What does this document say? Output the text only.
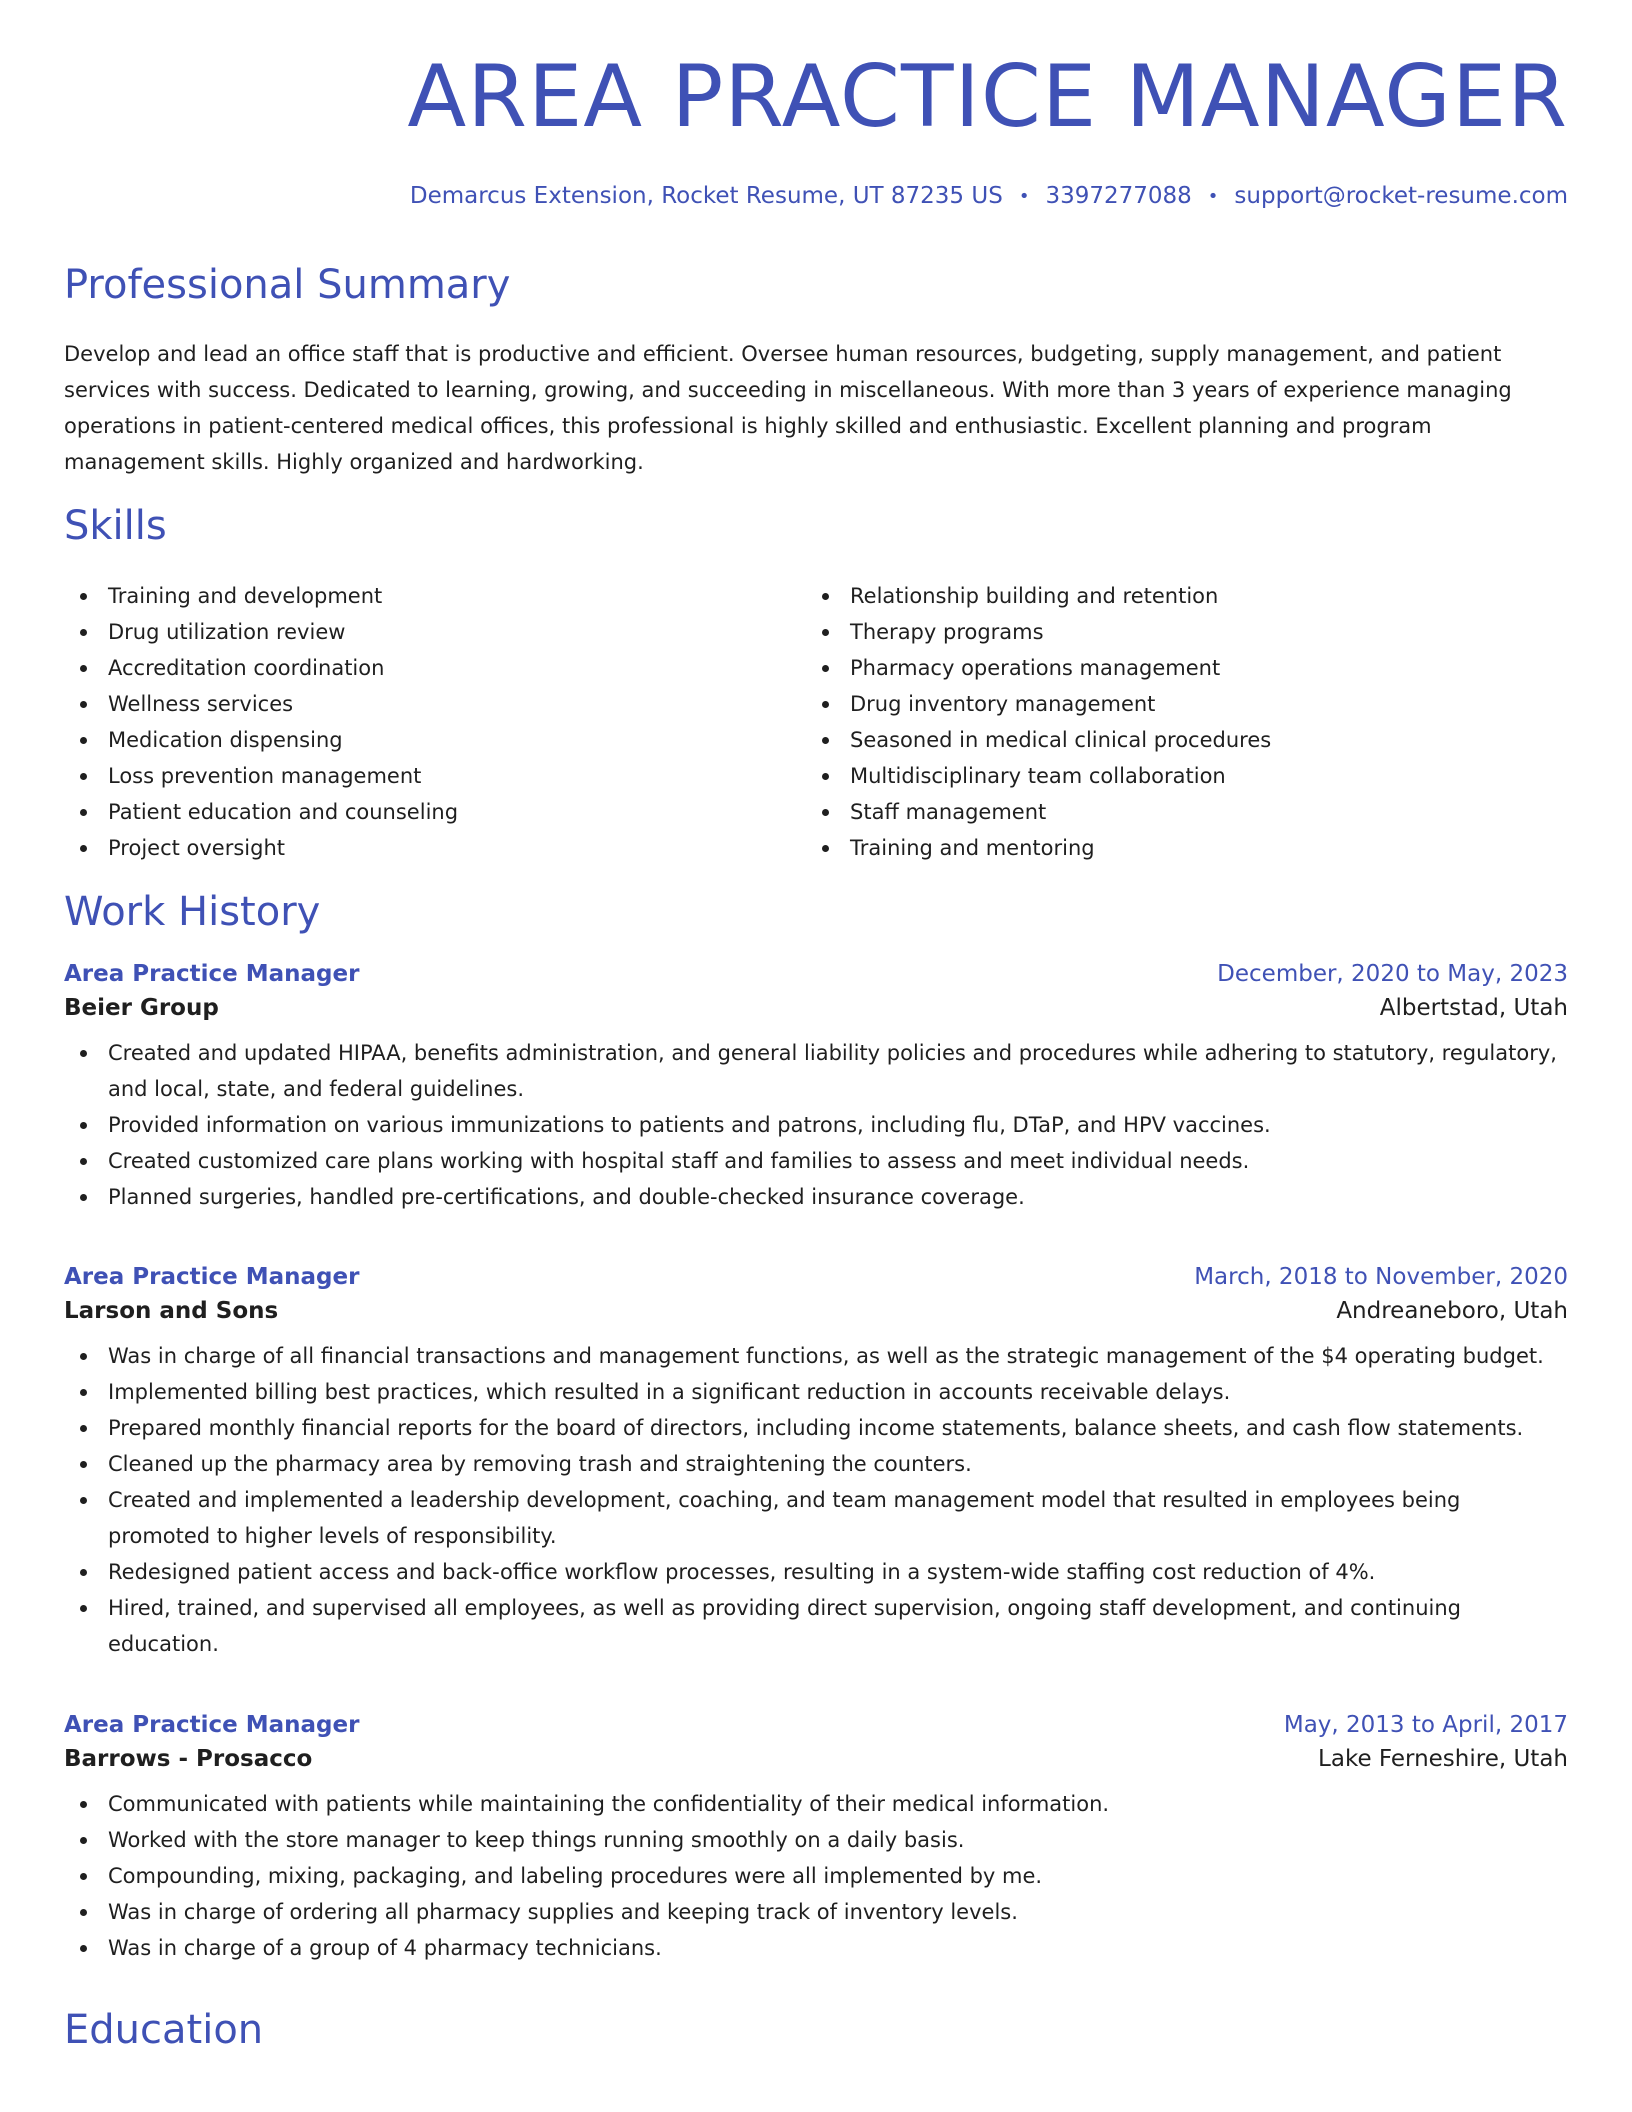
AREA PRACTICE MANAGER
Demarcus Extension, Rocket Resume, UT 87235 US • 3397277088 • support@rocket-resume.com
Professional Summary

Develop and lead an office staff that is productive and efficient. Oversee human resources, budgeting, supply management, and patient services with success. Dedicated to learning, growing, and succeeding in miscellaneous. With more than 3 years of experience managing operations in patient-centered medical offices, this professional is highly skilled and enthusiastic. Excellent planning and program management skills. Highly organized and hardworking.

Skills
Training and development
Drug utilization review
Accreditation coordination
Wellness services
Medication dispensing
Loss prevention management
Patient education and counseling
Project oversight
Relationship building and retention
Therapy programs
Pharmacy operations management
Drug inventory management
Seasoned in medical clinical procedures
Multidisciplinary team collaboration
Staff management
Training and mentoring
Work History
Area Practice Manager	December, 2020 to May, 2023
Beier Group	Albertstad, Utah
Created and updated HIPAA, benefits administration, and general liability policies and procedures while adhering to statutory, regulatory, and local, state, and federal guidelines.
Provided information on various immunizations to patients and patrons, including flu, DTaP, and HPV vaccines.
Created customized care plans working with hospital staff and families to assess and meet individual needs.
Planned surgeries, handled pre-certifications, and double-checked insurance coverage.
Area Practice Manager	March, 2018 to November, 2020
Larson and Sons	Andreaneboro, Utah
Was in charge of all financial transactions and management functions, as well as the strategic management of the $4 operating budget.
Implemented billing best practices, which resulted in a significant reduction in accounts receivable delays.
Prepared monthly financial reports for the board of directors, including income statements, balance sheets, and cash flow statements.
Cleaned up the pharmacy area by removing trash and straightening the counters.
Created and implemented a leadership development, coaching, and team management model that resulted in employees being promoted to higher levels of responsibility.
Redesigned patient access and back-office workflow processes, resulting in a system-wide staffing cost reduction of 4%.
Hired, trained, and supervised all employees, as well as providing direct supervision, ongoing staff development, and continuing education.
Area Practice Manager	May, 2013 to April, 2017
Barrows - Prosacco	Lake Ferneshire, Utah
Communicated with patients while maintaining the confidentiality of their medical information.
Worked with the store manager to keep things running smoothly on a daily basis.
Compounding, mixing, packaging, and labeling procedures were all implemented by me.
Was in charge of ordering all pharmacy supplies and keeping track of inventory levels.
Was in charge of a group of 4 pharmacy technicians.
Education
